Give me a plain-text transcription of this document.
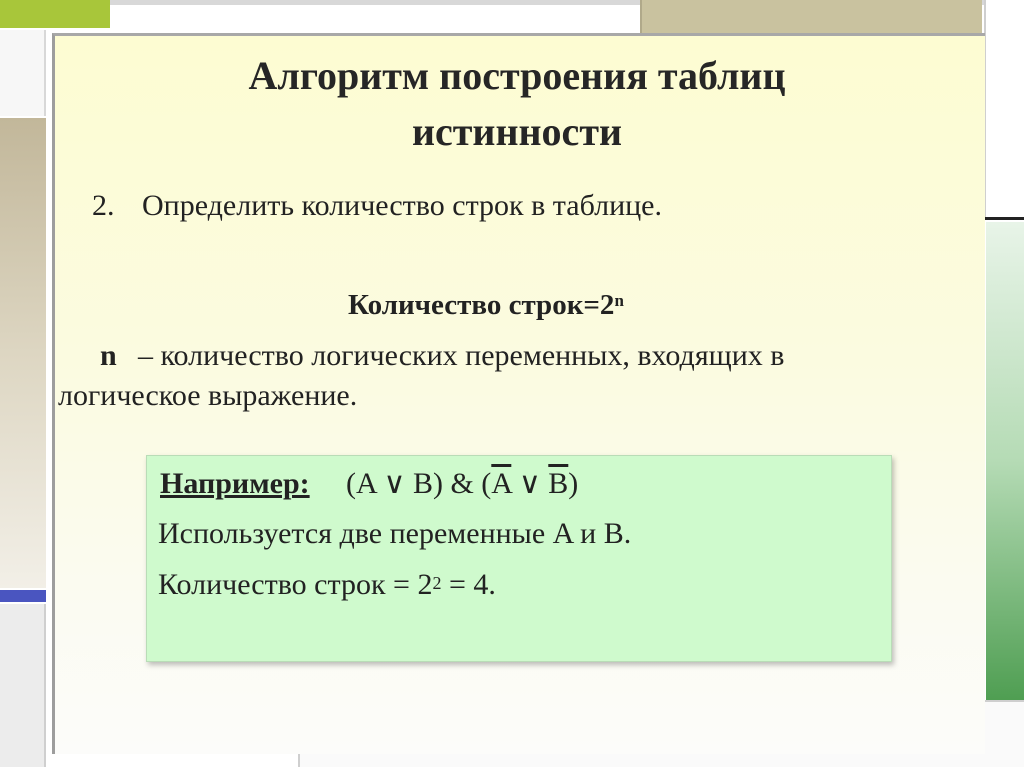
Алгоритм построения таблиц
истинности
2. Определить количество строк в таблице.
Количество $строк=2^n$
n – количество логических переменных, входящих в
логическое выражение.
Например: (A ∨ B) & ($\overline{A}$ ∨ $\overline{B}$)
Используется две переменные A и B.
Количество строк = $2^2 = 4$.
